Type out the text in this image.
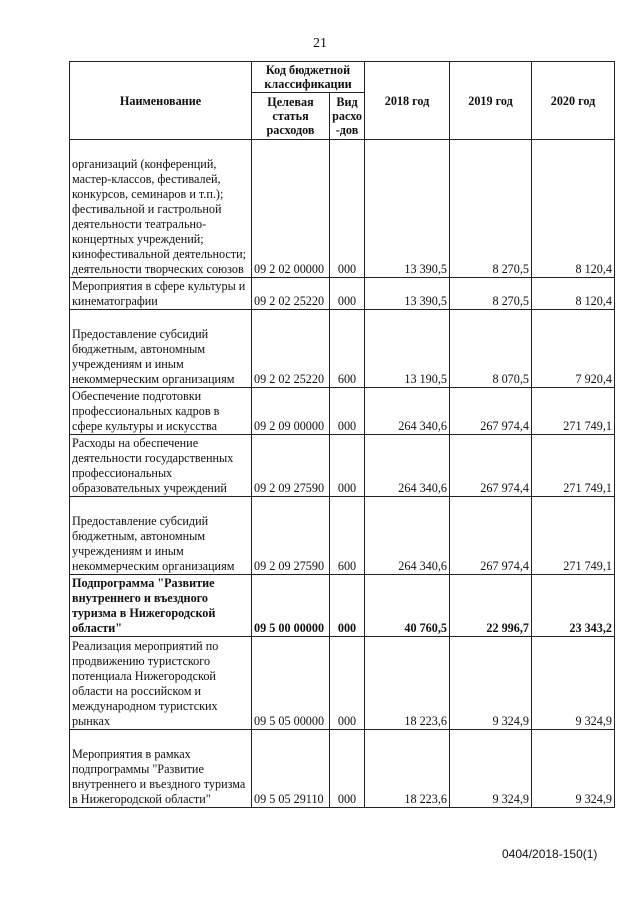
21
Наименование	Код бюджетной классификации		2018 год	2019 год	2020 год
	Целевая статья расходов	Вид расхо-дов			
организаций (конференций, мастер-классов, фестивалей, конкурсов, семинаров и т.п.); фестивальной и гастрольной деятельности театрально-концертных учреждений; кинофестивальной деятельности; деятельности творческих союзов	09 2 02 00000	000	13 390,5	8 270,5	8 120,4
Мероприятия в сфере культуры и кинематографии	09 2 02 25220	000	13 390,5	8 270,5	8 120,4
Предоставление субсидий бюджетным, автономным учреждениям и иным некоммерческим организациям	09 2 02 25220	600	13 190,5	8 070,5	7 920,4
Обеспечение подготовки профессиональных кадров в сфере культуры и искусства	09 2 09 00000	000	264 340,6	267 974,4	271 749,1
Расходы на обеспечение деятельности государственных профессиональных образовательных учреждений	09 2 09 27590	000	264 340,6	267 974,4	271 749,1
Предоставление субсидий бюджетным, автономным учреждениям и иным некоммерческим организациям	09 2 09 27590	600	264 340,6	267 974,4	271 749,1
Подпрограмма "Развитие внутреннего и въездного туризма в Нижегородской области"	09 5 00 00000	000	40 760,5	22 996,7	23 343,2
Реализация мероприятий по продвижению туристского потенциала Нижегородской области на российском и международном туристских рынках	09 5 05 00000	000	18 223,6	9 324,9	9 324,9
Мероприятия в рамках подпрограммы "Развитие внутреннего и въездного туризма в Нижегородской области"	09 5 05 29110	000	18 223,6	9 324,9	9 324,9
0404/2018-150(1)
